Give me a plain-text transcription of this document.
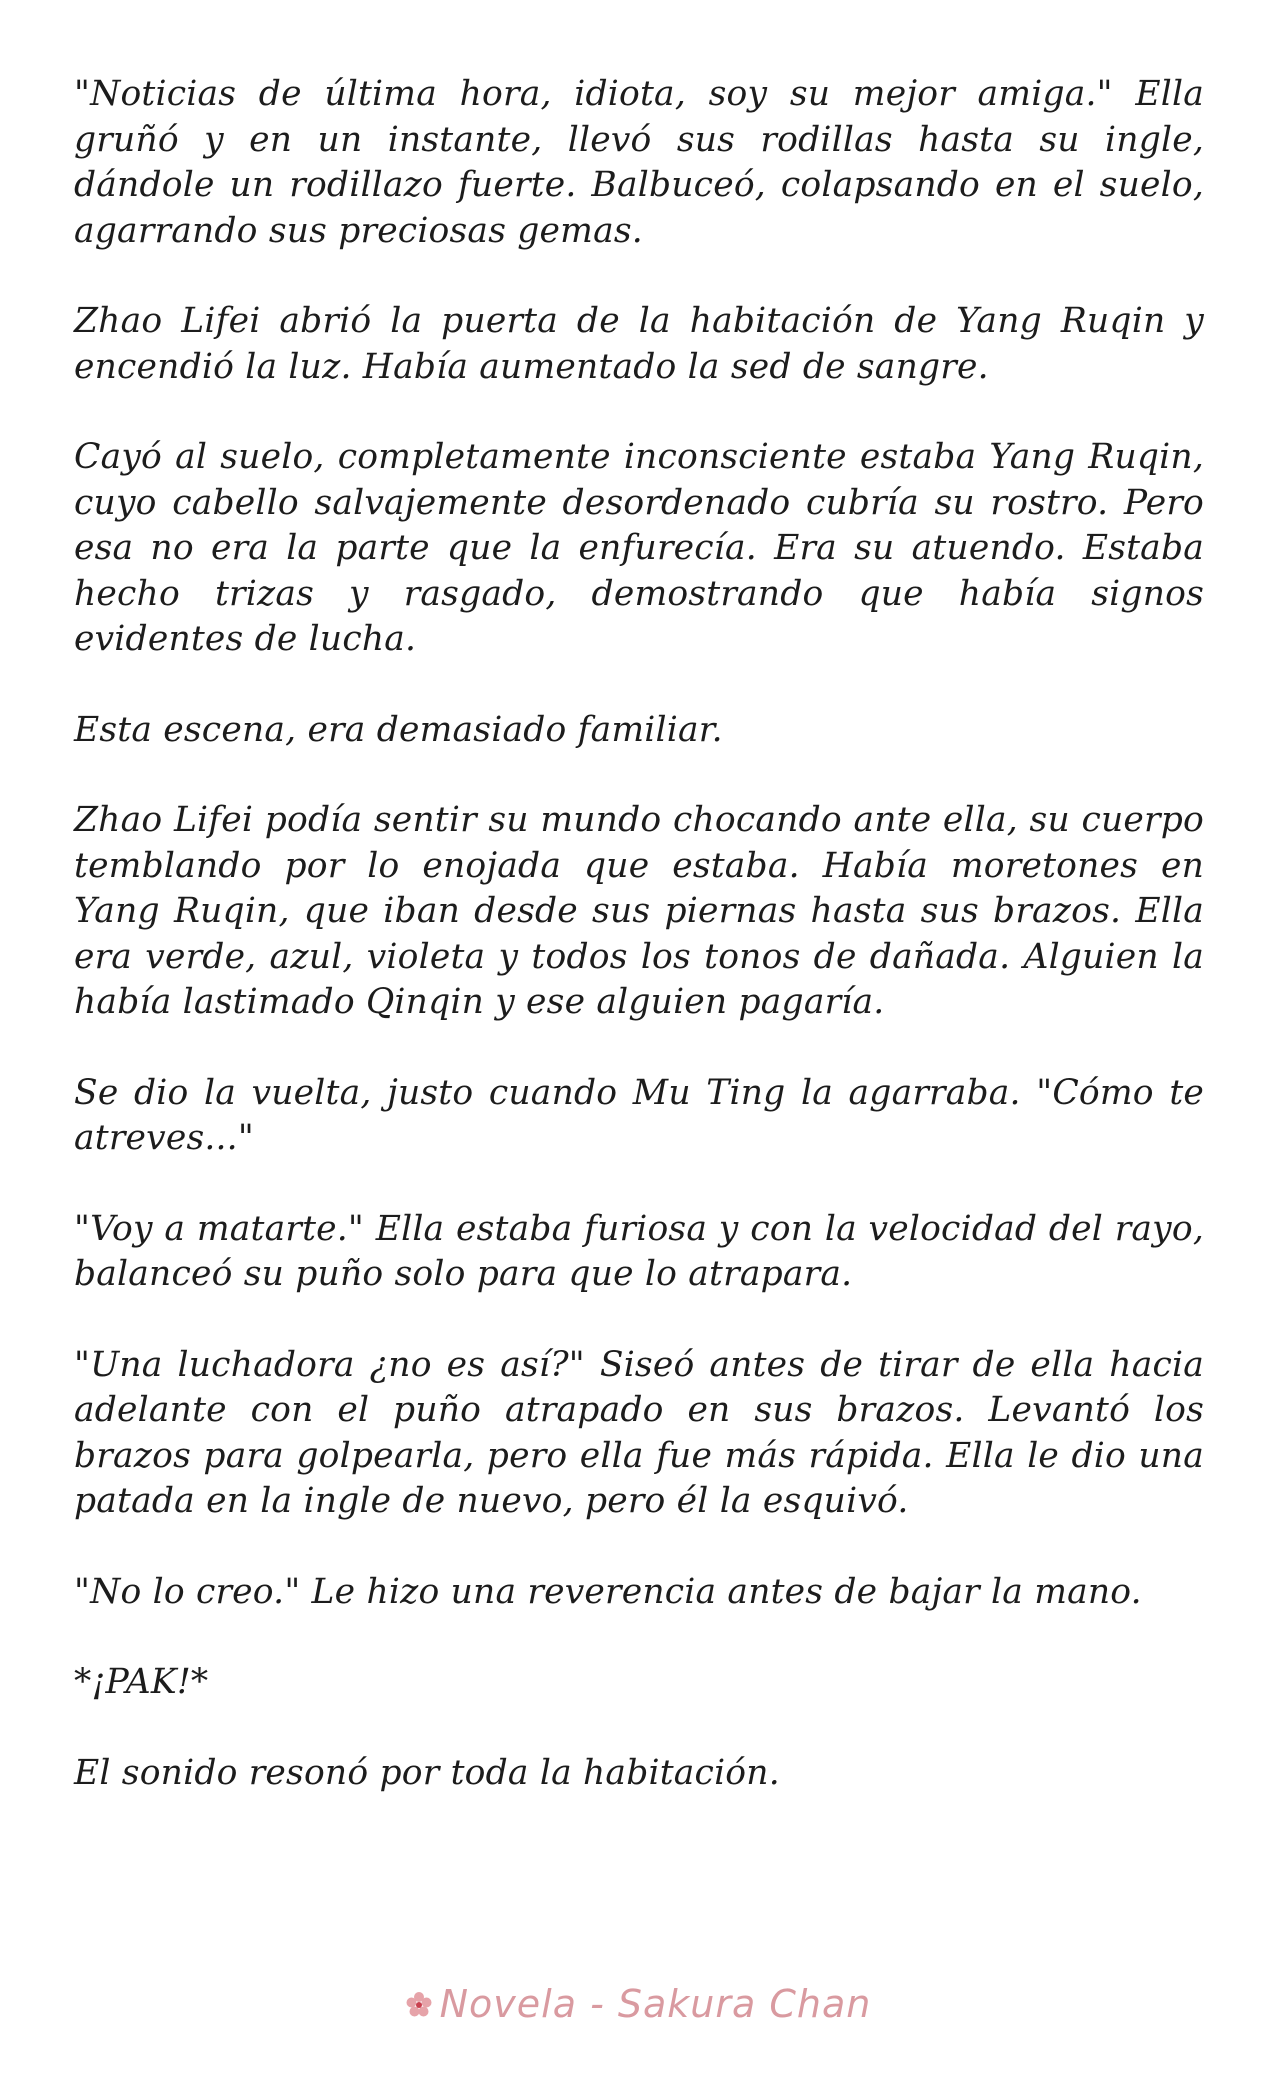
"Noticias de última hora, idiota, soy su mejor amiga." Ella gruñó y en un instante, llevó sus rodillas hasta su ingle, dándole un rodillazo fuerte. Balbuceó, colapsando en el suelo, agarrando sus preciosas gemas.

Zhao Lifei abrió la puerta de la habitación de Yang Ruqin y encendió la luz. Había aumentado la sed de sangre.

Cayó al suelo, completamente inconsciente estaba Yang Ruqin, cuyo cabello salvajemente desordenado cubría su rostro. Pero esa no era la parte que la enfurecía. Era su atuendo. Estaba hecho trizas y rasgado, demostrando que había signos evidentes de lucha.

Esta escena, era demasiado familiar.

Zhao Lifei podía sentir su mundo chocando ante ella, su cuerpo temblando por lo enojada que estaba. Había moretones en Yang Ruqin, que iban desde sus piernas hasta sus brazos. Ella era verde, azul, violeta y todos los tonos de dañada. Alguien la había lastimado Qinqin y ese alguien pagaría.

Se dio la vuelta, justo cuando Mu Ting la agarraba. "Cómo te atreves..."

"Voy a matarte." Ella estaba furiosa y con la velocidad del rayo, balanceó su puño solo para que lo atrapara.

"Una luchadora ¿no es así?" Siseó antes de tirar de ella hacia adelante con el puño atrapado en sus brazos. Levantó los brazos para golpearla, pero ella fue más rápida. Ella le dio una patada en la ingle de nuevo, pero él la esquivó.

"No lo creo." Le hizo una reverencia antes de bajar la mano.

*¡PAK!*

El sonido resonó por toda la habitación.

Novela - Sakura Chan
